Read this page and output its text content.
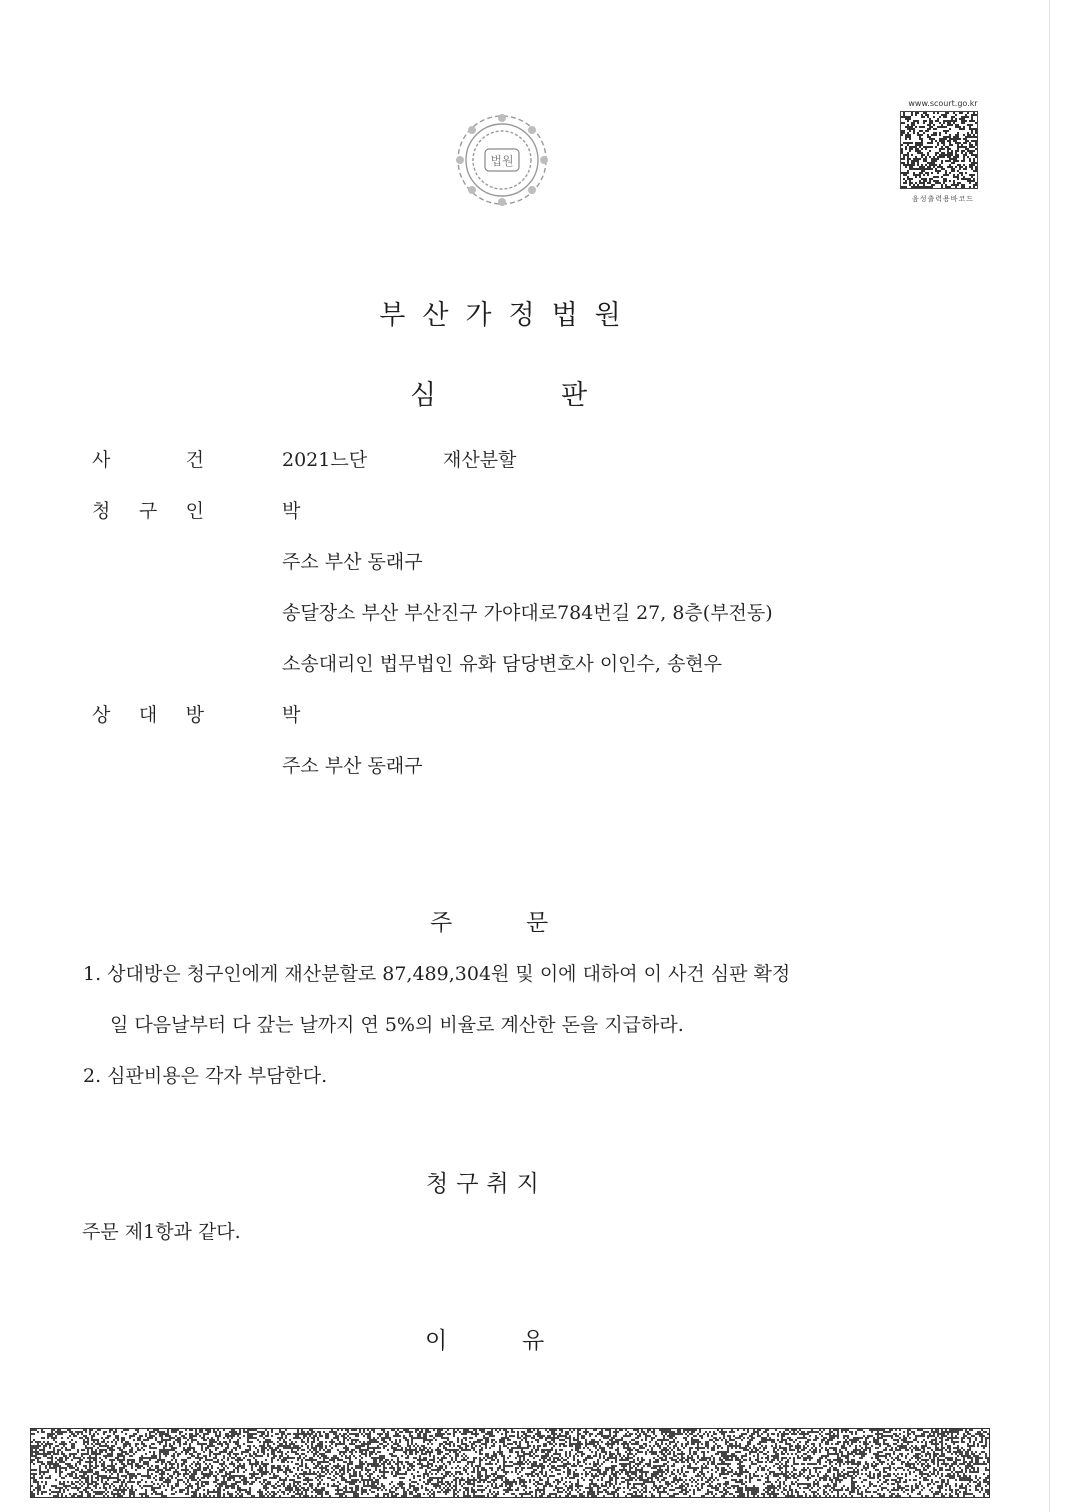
법원
www.scourt.go.kr
음성출력용바코드
부산가정법원
심	판
사	건	2021느단	재산분할
청 구 인	박
주소 부산 동래구
송달장소 부산 부산진구 가야대로784번길 27, 8층(부전동)
소송대리인 법무법인 유화 담당변호사 이인수, 송현우
상 대 방	박
주소 부산 동래구
주	문
1. 상대방은 청구인에게 재산분할로 87,489,304원 및 이에 대하여 이 사건 심판 확정
일 다음날부터 다 갚는 날까지 연 5%의 비율로 계산한 돈을 지급하라.
2. 심판비용은 각자 부담한다.
청구취지
주문 제1항과 같다.
이	유
